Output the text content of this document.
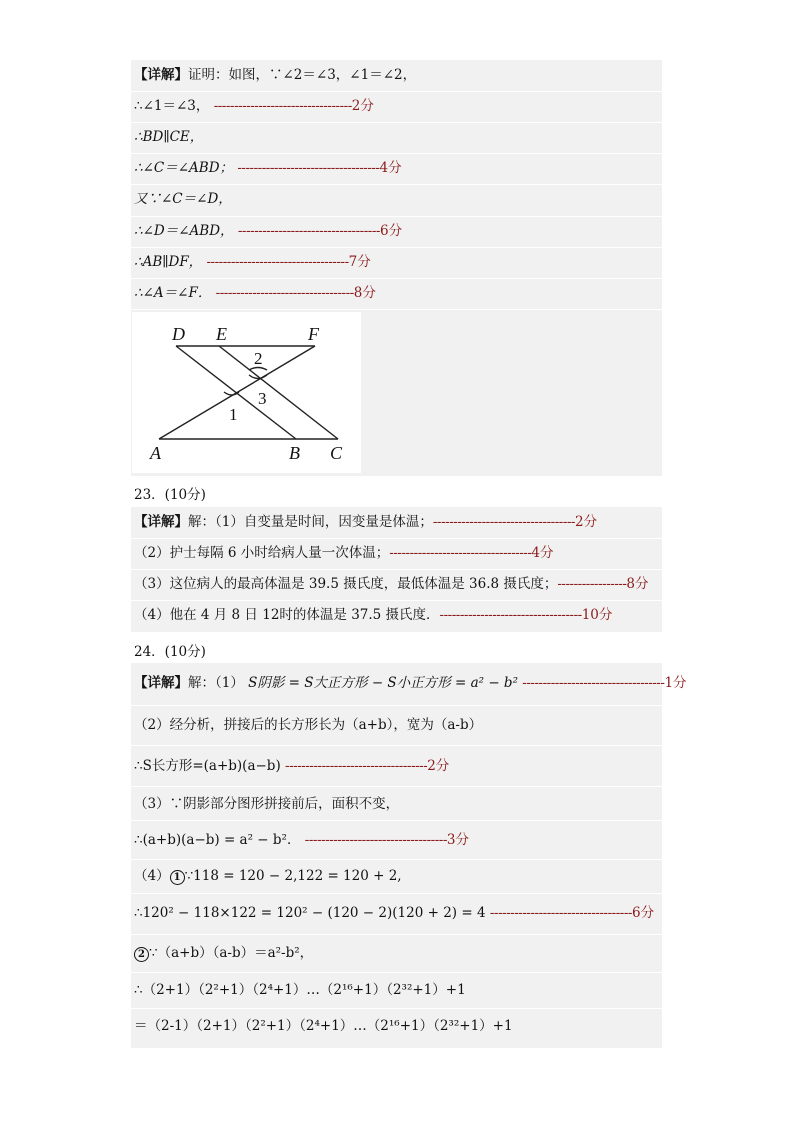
【详解】证明：如图，∵∠2＝∠3，∠1＝∠2，
∴∠1＝∠3， ----------------------------------2分
∴BD∥CE，
∴∠C＝∠ABD； -----------------------------------4分
又∵∠C＝∠D，
∴∠D＝∠ABD， -----------------------------------6分
∴AB∥DF， -----------------------------------7分
∴∠A＝∠F． ----------------------------------8分
D E	F
A	B C
2
3
1
23．(10分)
【详解】解：（1）自变量是时间，因变量是体温；-----------------------------------2分
（2）护士每隔 6 小时给病人量一次体温；-----------------------------------4分
（3）这位病人的最高体温是 39.5 摄氏度，最低体温是 36.8 摄氏度；-----------------8分
（4）他在 4 月 8 日 12时的体温是 37.5 摄氏度．-----------------------------------10分
24．(10分)
【详解】解：（1） S阴影 = S大正方形 − S小正方形 = a² − b² -----------------------------------1分
（2）经分析，拼接后的长方形长为（a+b），宽为（a-b）
∴S长方形=(a+b)(a−b) -----------------------------------2分
（3）∵阴影部分图形拼接前后，面积不变，
∴(a+b)(a−b) = a² − b²． -----------------------------------3分
（4） 1 ∵118 = 120 − 2,122 = 120 + 2,
∴120² − 118×122 = 120² − (120 − 2)(120 + 2) = 4 -----------------------------------6分
2 ∵（a+b）（a-b）＝a²-b²，
∴（2+1）（2²+1）（2⁴+1）…（2¹⁶+1）（2³²+1）+1
＝（2-1）（2+1）（2²+1）（2⁴+1）…（2¹⁶+1）（2³²+1）+1
